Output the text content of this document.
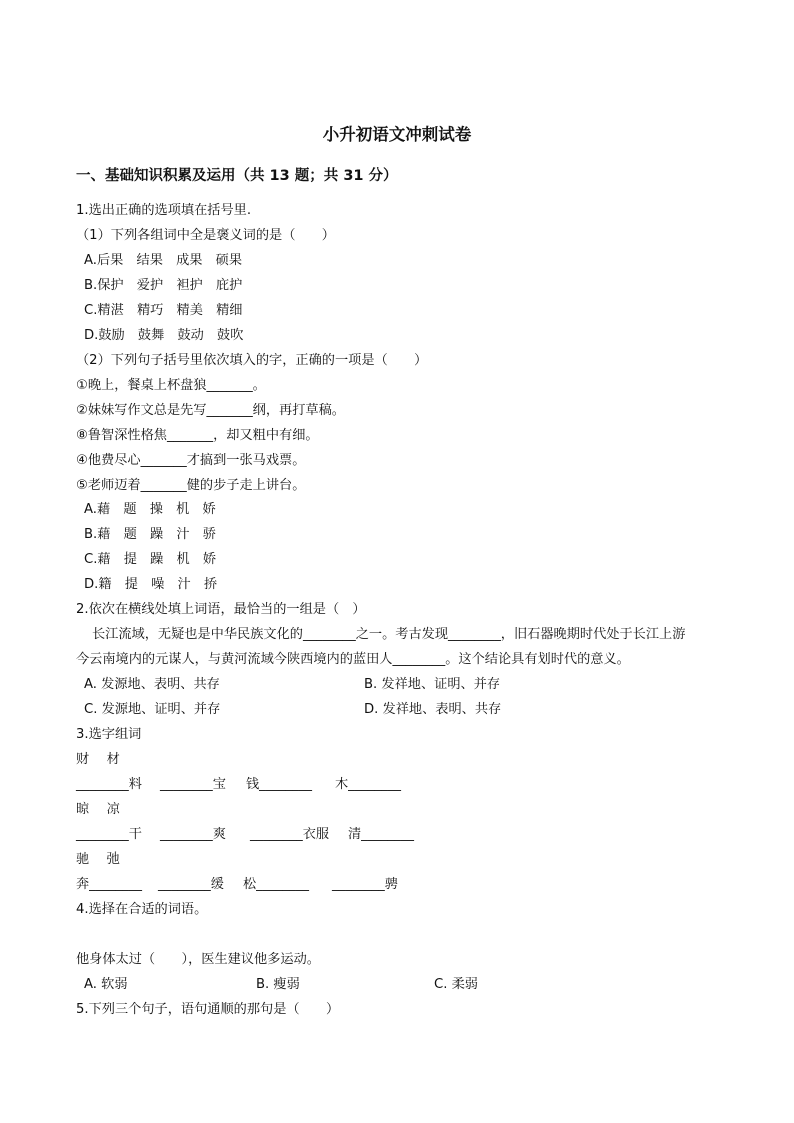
小升初语文冲刺试卷
一、基础知识积累及运用（共 13 题；共 31 分）
1.选出正确的选项填在括号里.
（1）下列各组词中全是褒义词的是（　　）
A.后果　结果　成果　硕果
B.保护　爱护　袒护　庇护
C.精湛　精巧　精美　精细
D.鼓励　鼓舞　鼓动　鼓吹
（2）下列句子括号里依次填入的字，正确的一项是（　　）
①晚上，餐桌上杯盘狼_______。
②妹妹写作文总是先写_______纲，再打草稿。
⑧鲁智深性格焦_______，却又粗中有细。
④他费尽心_______才搞到一张马戏票。
⑤老师迈着_______健的步子走上讲台。
A.藉　题　操　机　娇
B.藉　题　躁　汁　骄
C.藉　提　躁　机　娇
D.籍　提　噪　汁　挢
2.依次在横线处填上词语，最恰当的一组是（　）
长江流域，无疑也是中华民族文化的________之一。考古发现________，旧石器晚期时代处于长江上游
今云南境内的元谋人，与黄河流域今陕西境内的蓝田人________。这个结论具有划时代的意义。
A. 发源地、表明、共存	B. 发祥地、证明、并存
C. 发源地、证明、并存	D. 发祥地、表明、共存
3.选字组词
财　 材
________料 ________宝 钱________ 木________
晾　 凉
________干 ________爽 ________衣服 清________
驰　 弛
奔________ ________缓 松________ ________骋
4.选择在合适的词语。
他身体太过（　　），医生建议他多运动。
A. 软弱	B. 瘦弱	C. 柔弱
5.下列三个句子，语句通顺的那句是（　　）
